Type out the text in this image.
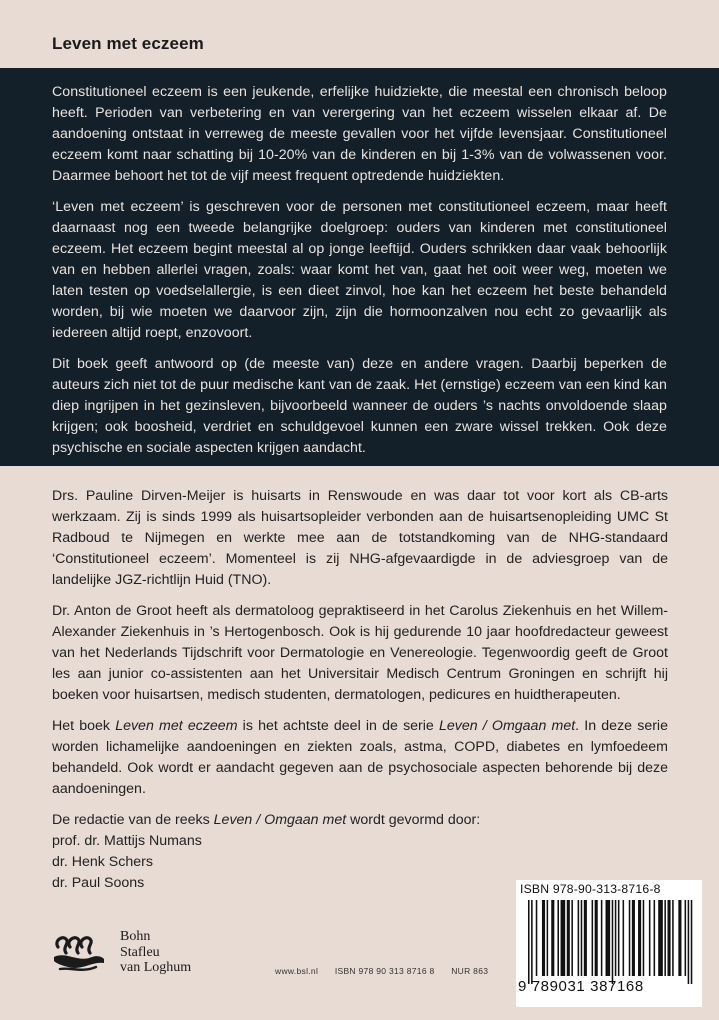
Leven met eczeem

Constitutioneel eczeem is een jeukende, erfelijke huidziekte, die meestal een chronisch beloop heeft. Perioden van verbetering en van verergering van het eczeem wisselen elkaar af. De aandoening ontstaat in verreweg de meeste gevallen voor het vijfde levensjaar. Constitutioneel eczeem komt naar schatting bij 10-20% van de kinderen en bij 1-3% van de volwassenen voor. Daarmee behoort het tot de vijf meest frequent optredende huidziekten.

‘Leven met eczeem’ is geschreven voor de personen met constitutioneel eczeem, maar heeft daarnaast nog een tweede belangrijke doelgroep: ouders van kinderen met constitutioneel eczeem. Het eczeem begint meestal al op jonge leeftijd. Ouders schrikken daar vaak behoorlijk van en hebben allerlei vragen, zoals: waar komt het van, gaat het ooit weer weg, moeten we laten testen op voedselallergie, is een dieet zinvol, hoe kan het eczeem het beste behandeld worden, bij wie moeten we daarvoor zijn, zijn die hormoonzalven nou echt zo gevaarlijk als iedereen altijd roept, enzovoort.

Dit boek geeft antwoord op (de meeste van) deze en andere vragen. Daarbij beperken de auteurs zich niet tot de puur medische kant van de zaak. Het (ernstige) eczeem van een kind kan diep ingrijpen in het gezinsleven, bijvoorbeeld wanneer de ouders ’s nachts onvoldoende slaap krijgen; ook boosheid, verdriet en schuldgevoel kunnen een zware wissel trekken. Ook deze psychische en sociale aspecten krijgen aandacht.

Drs. Pauline Dirven-Meijer is huisarts in Renswoude en was daar tot voor kort als CB-arts werkzaam. Zij is sinds 1999 als huisartsopleider verbonden aan de huisartsenopleiding UMC St Radboud te Nijmegen en werkte mee aan de totstandkoming van de NHG-standaard ‘Constitutioneel eczeem’. Momenteel is zij NHG-afgevaardigde in de adviesgroep van de landelijke JGZ-richtlijn Huid (TNO).

Dr. Anton de Groot heeft als dermatoloog gepraktiseerd in het Carolus Ziekenhuis en het Willem-Alexander Ziekenhuis in ’s Hertogenbosch. Ook is hij gedurende 10 jaar hoofdredacteur geweest van het Nederlands Tijdschrift voor Dermatologie en Venereologie. Tegenwoordig geeft de Groot les aan junior co-assistenten aan het Universitair Medisch Centrum Groningen en schrijft hij boeken voor huisartsen, medisch studenten, dermatologen, pedicures en huidtherapeuten.

Het boek Leven met eczeem is het achtste deel in de serie Leven / Omgaan met. In deze serie worden lichamelijke aandoeningen en ziekten zoals, astma, COPD, diabetes en lymfoedeem behandeld. Ook wordt er aandacht gegeven aan de psychosociale aspecten behorende bij deze aandoeningen.

De redactie van de reeks Leven / Omgaan met wordt gevormd door:

prof. dr. Mattijs Numans
dr. Henk Schers
dr. Paul Soons
Bohn
Stafleu
van Loghum	www.bsl.nl ISBN 978 90 313 8716 8 NUR 863
ISBN 978-90-313-8716-8
9 789031 387168
